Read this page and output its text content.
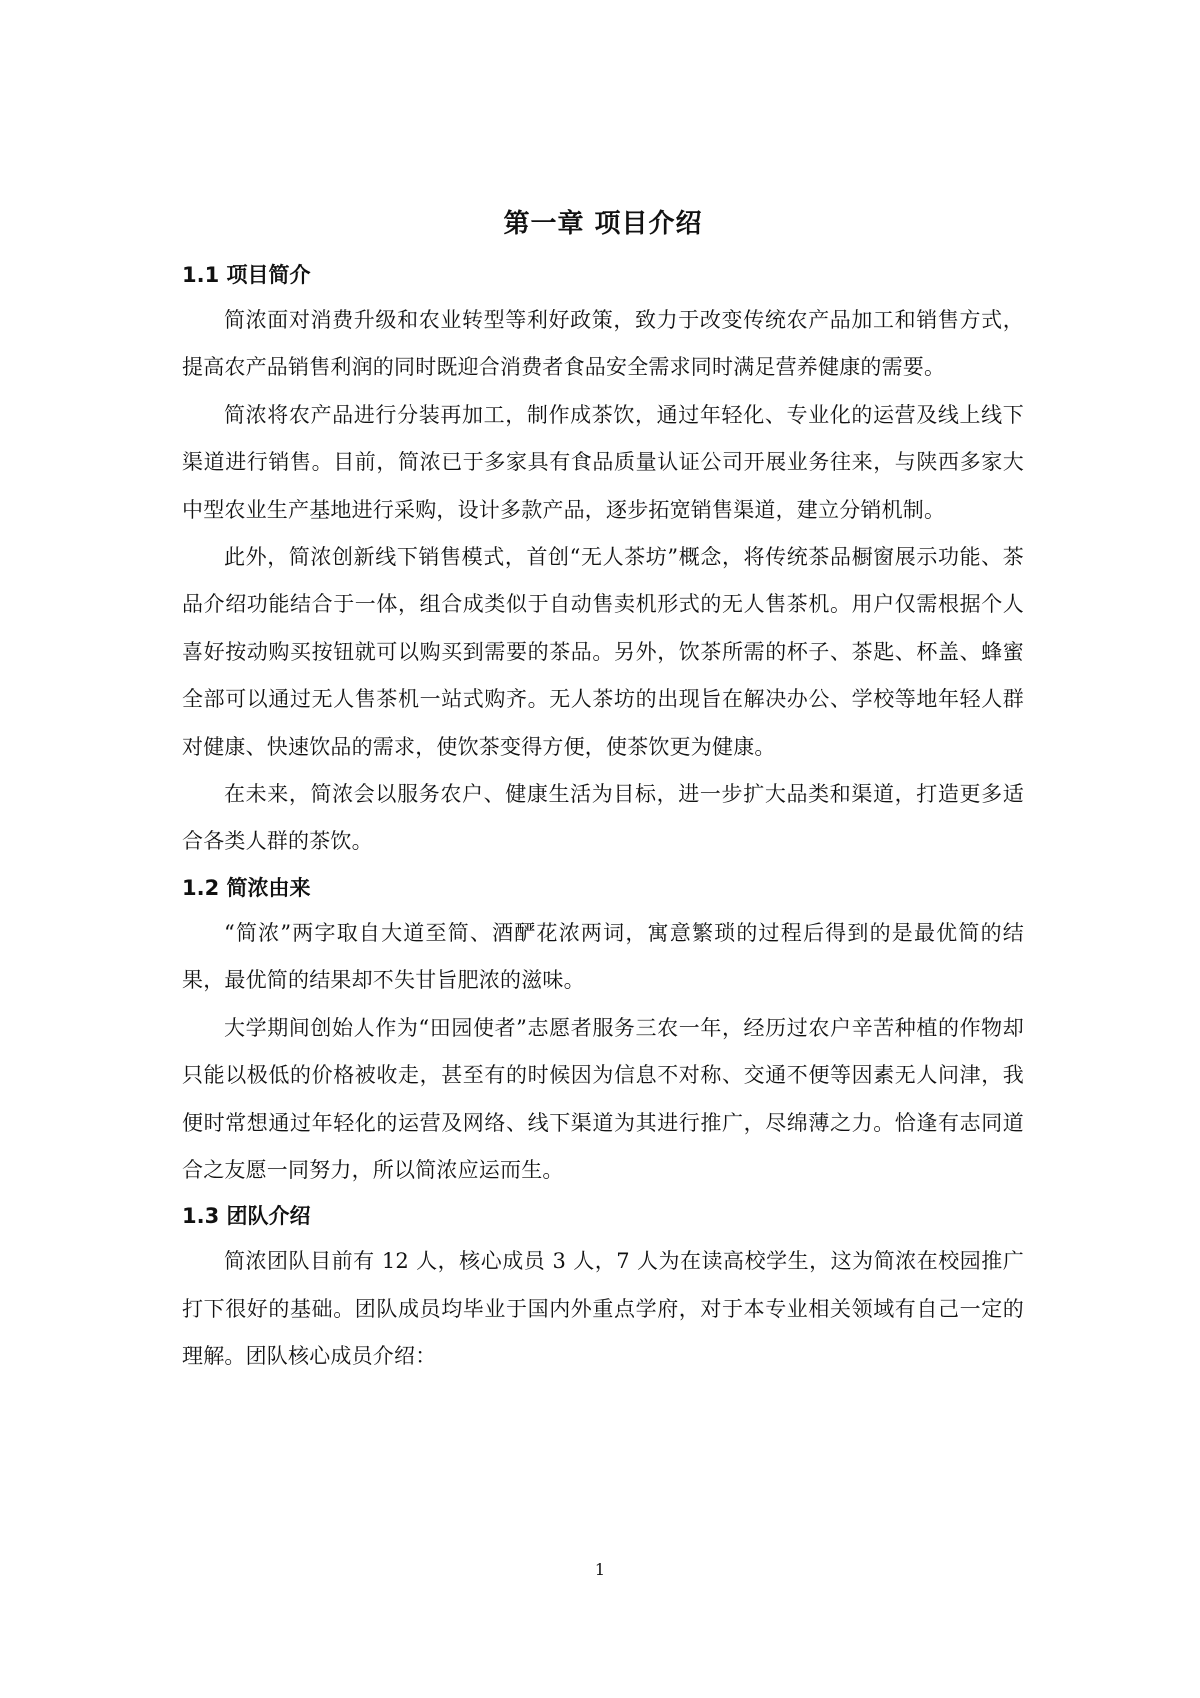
第一章 项目介绍
1.1 项目简介

简浓面对消费升级和农业转型等利好政策，致力于改变传统农产品加工和销售方式，提高农产品销售利润的同时既迎合消费者食品安全需求同时满足营养健康的需要。

简浓将农产品进行分装再加工，制作成茶饮，通过年轻化、专业化的运营及线上线下渠道进行销售。目前，简浓已于多家具有食品质量认证公司开展业务往来，与陕西多家大中型农业生产基地进行采购，设计多款产品，逐步拓宽销售渠道，建立分销机制。

此外，简浓创新线下销售模式，首创“无人茶坊”概念，将传统茶品橱窗展示功能、茶品介绍功能结合于一体，组合成类似于自动售卖机形式的无人售茶机。用户仅需根据个人喜好按动购买按钮就可以购买到需要的茶品。另外，饮茶所需的杯子、茶匙、杯盖、蜂蜜全部可以通过无人售茶机一站式购齐。无人茶坊的出现旨在解决办公、学校等地年轻人群对健康、快速饮品的需求，使饮茶变得方便，使茶饮更为健康。

在未来，简浓会以服务农户、健康生活为目标，进一步扩大品类和渠道，打造更多适合各类人群的茶饮。

1.2 简浓由来

“简浓”两字取自大道至简、酒酽花浓两词，寓意繁琐的过程后得到的是最优简的结果，最优简的结果却不失甘旨肥浓的滋味。

大学期间创始人作为“田园使者”志愿者服务三农一年，经历过农户辛苦种植的作物却只能以极低的价格被收走，甚至有的时候因为信息不对称、交通不便等因素无人问津，我便时常想通过年轻化的运营及网络、线下渠道为其进行推广，尽绵薄之力。恰逢有志同道合之友愿一同努力，所以简浓应运而生。

1.3 团队介绍

简浓团队目前有 12 人，核心成员 3 人，7 人为在读高校学生，这为简浓在校园推广打下很好的基础。团队成员均毕业于国内外重点学府，对于本专业相关领域有自己一定的理解。团队核心成员介绍：

1
